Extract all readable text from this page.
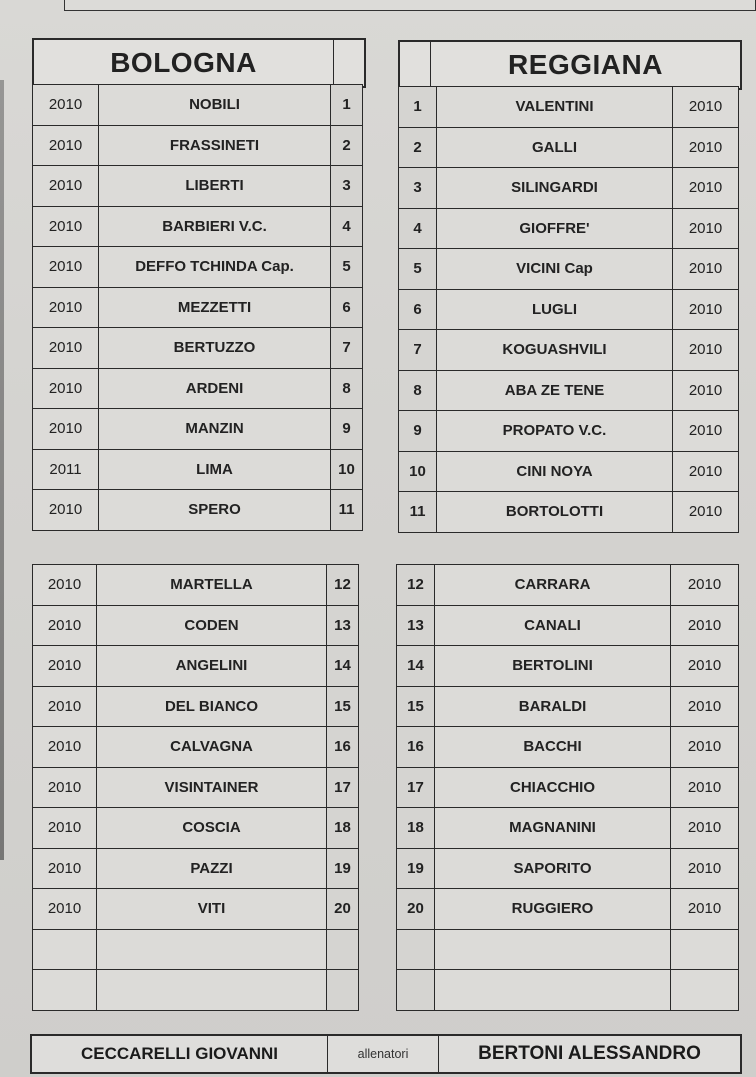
BOLOGNA	REGGIANA
2010	NOBILI	1
2010	FRASSINETI	2
2010	LIBERTI	3
2010	BARBIERI V.C.	4
2010	DEFFO TCHINDA Cap.	5
2010	MEZZETTI	6
2010	BERTUZZO	7
2010	ARDENI	8
2010	MANZIN	9
2011	LIMA	10
2010	SPERO	11
1	VALENTINI	2010
2	GALLI	2010
3	SILINGARDI	2010
4	GIOFFRE'	2010
5	VICINI Cap	2010
6	LUGLI	2010
7	KOGUASHVILI	2010
8	ABA ZE TENE	2010
9	PROPATO V.C.	2010
10	CINI NOYA	2010
11	BORTOLOTTI	2010
2010	MARTELLA	12
2010	CODEN	13
2010	ANGELINI	14
2010	DEL BIANCO	15
2010	CALVAGNA	16
2010	VISINTAINER	17
2010	COSCIA	18
2010	PAZZI	19
2010	VITI	20

12	CARRARA	2010
13	CANALI	2010
14	BERTOLINI	2010
15	BARALDI	2010
16	BACCHI	2010
17	CHIACCHIO	2010
18	MAGNANINI	2010
19	SAPORITO	2010
20	RUGGIERO	2010

CECCARELLI GIOVANNI	allenatori	BERTONI ALESSANDRO
